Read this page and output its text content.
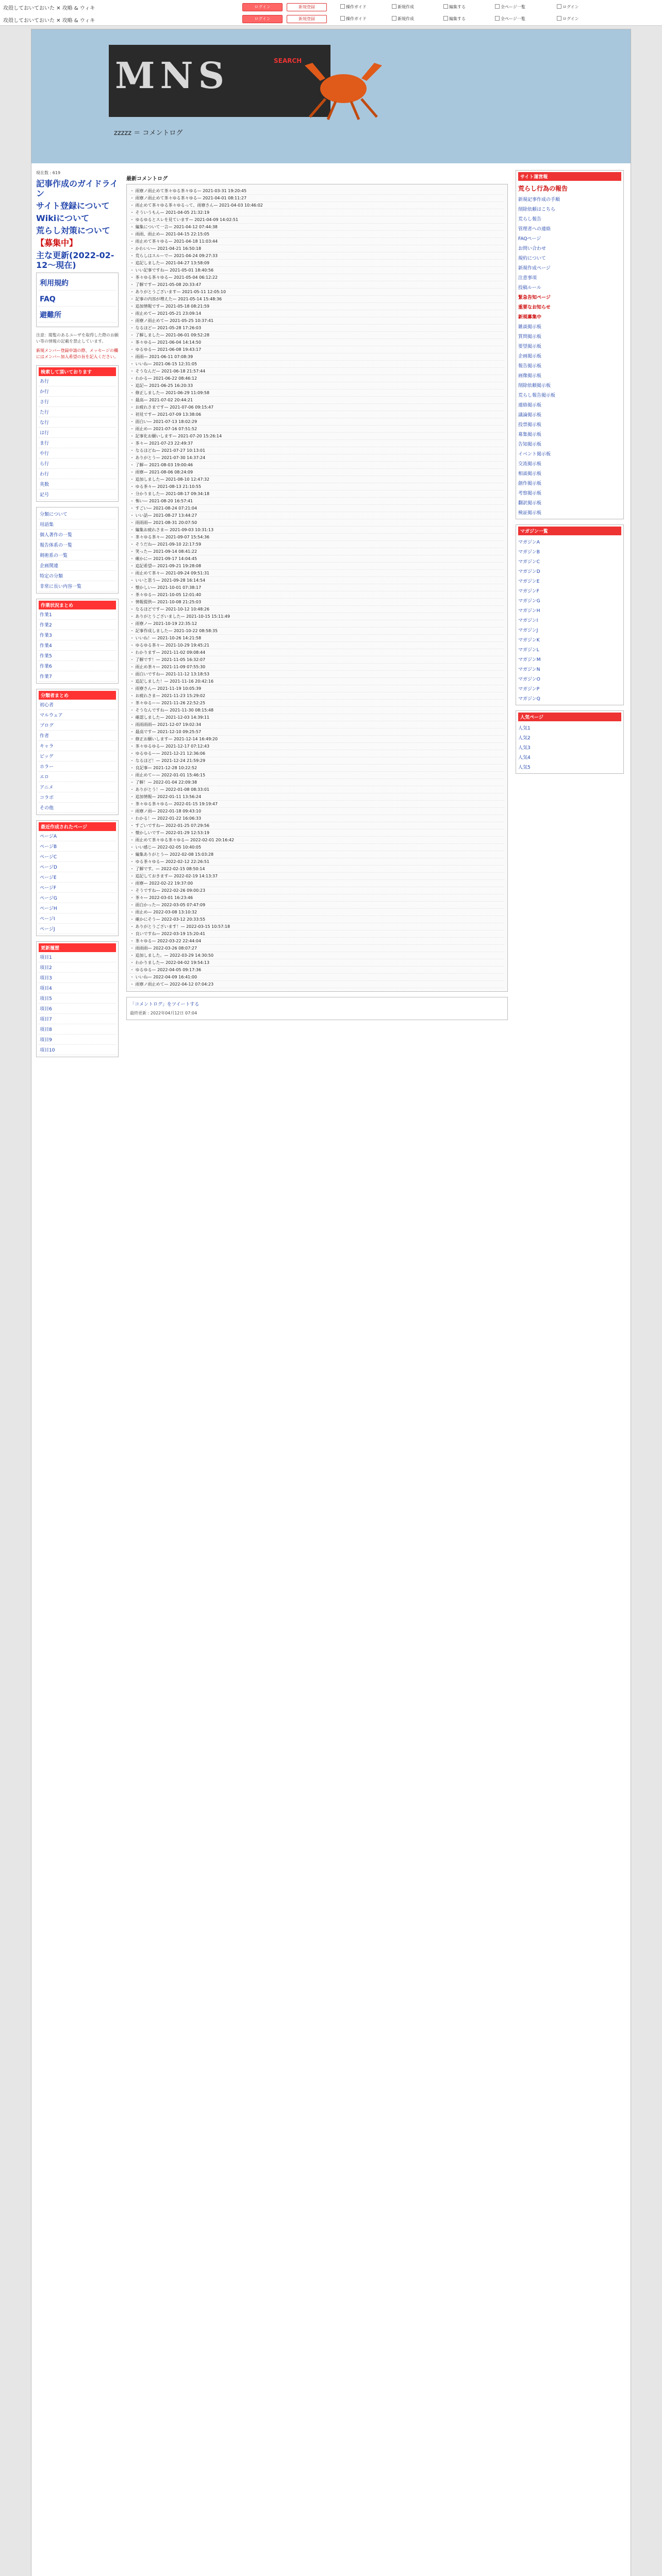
攻殻しておいておいた ✕ 攻略 & ウィキ
攻殻しておいておいた ✕ 攻略 & ウィキ
ログイン	新規登録
ログイン	新規登録
操作ガイド	新規作成	編集する	全ページ一覧	ログイン
操作ガイド	新規作成	編集する	全ページ一覧	ログイン
MNS	SEARCH
zzzzz ＝ コメントログ
現在数 : 619
記事作成のガイドライン
サイト登録について
Wikiについて
荒らし対策について
【募集中】
主な更新(2022-02-12～現在)
利用規約
FAQ
避難所
注意：閲覧のあるユーザを取得した際のお願い等の情報の記載を禁止しています。
新規メンバー登録申請の際、メッセージの欄にはメンバー加入希望の旨を記入ください。
検索して頂いております
あ行
か行
さ行
た行
な行
は行
ま行
や行
ら行
わ行
英数
記号
分類について
用語集
個人著作の一覧
報告体系の一覧
剣術系の一覧
企画関連
特定の分類
非常に長い内容一覧
作業状況まとめ
作業1
作業2
作業3
作業4
作業5
作業6
作業7
分類者まとめ
初心者
マルウェア
ブログ
作者
キャラ
ビッグ
ホラー
エロ
アニメ
コラボ
その他
最近作成されたページ
ページA
ページB
ページC
ページD
ページE
ページF
ページG
ページH
ページI
ページJ
更新履歴
項目1
項目2
項目3
項目4
項目5
項目6
項目7
項目8
項目9
項目10
最新コメントログ
・ 雨寮ノ雨止めて茶々ゆる茶々ゆる— 2021-03-31 19:20:45
・ 雨寮ノ雨止めて茶々ゆる茶々ゆる— 2021-04-01 08:11:27
・ 雨止めて茶々ゆる茶々ゆるって、雨寮さん— 2021-04-03 10:46:02
・ そういうもん— 2021-04-05 21:32:19
・ ゆるゆるとスレを見ています— 2021-04-09 14:02:51
・ 編集について一言— 2021-04-12 07:44:38
・ 雨雨、雨止め— 2021-04-15 22:15:05
・ 雨止めて茶々ゆる— 2021-04-18 11:03:44
・ かわいい— 2021-04-21 16:50:18
・ 荒らしはスルーで— 2021-04-24 09:27:33
・ 追記しました— 2021-04-27 13:58:09
・ いい記事ですね— 2021-05-01 18:40:56
・ 茶々ゆる茶々ゆる— 2021-05-04 06:12:22
・ 了解です— 2021-05-08 20:33:47
・ ありがとうございます— 2021-05-11 12:05:10
・ 記事の内容が増えた— 2021-05-14 15:48:36
・ 追加情報です— 2021-05-18 08:21:59
・ 雨止めて— 2021-05-21 23:09:14
・ 雨寮ノ雨止めて— 2021-05-25 10:37:41
・ なるほど— 2021-05-28 17:26:03
・ 了解しました— 2021-06-01 09:52:28
・ 茶々ゆる— 2021-06-04 14:14:50
・ ゆるゆる— 2021-06-08 19:43:17
・ 雨雨— 2021-06-11 07:08:39
・ いいね— 2021-06-15 12:31:05
・ そうなんだ— 2021-06-18 21:57:44
・ わかる— 2021-06-22 08:46:12
・ 追記— 2021-06-25 16:20:33
・ 修正しました— 2021-06-29 11:09:58
・ 最高— 2021-07-02 20:44:21
・ お疲れさまです— 2021-07-06 09:15:47
・ 初見です— 2021-07-09 13:38:06
・ 面白い— 2021-07-13 18:02:29
・ 雨止め— 2021-07-16 07:51:52
・ 記事化お願いします— 2021-07-20 15:26:14
・ 茶々— 2021-07-23 22:49:37
・ なるほどね— 2021-07-27 10:13:01
・ ありがとう— 2021-07-30 14:37:24
・ 了解— 2021-08-03 19:00:46
・ 雨寮— 2021-08-06 08:24:09
・ 追加しました— 2021-08-10 12:47:32
・ ゆる茶々— 2021-08-13 21:10:55
・ 分かりました— 2021-08-17 09:34:18
・ 怖い— 2021-08-20 16:57:41
・ すごい— 2021-08-24 07:21:04
・ いい話— 2021-08-27 13:44:27
・ 雨雨雨— 2021-08-31 20:07:50
・ 編集お疲れさま— 2021-09-03 10:31:13
・ 茶々ゆる茶々— 2021-09-07 15:54:36
・ そうだね— 2021-09-10 22:17:59
・ 笑った— 2021-09-14 08:41:22
・ 確かに— 2021-09-17 14:04:45
・ 追記希望— 2021-09-21 19:28:08
・ 雨止めて茶々— 2021-09-24 09:51:31
・ いいと思う— 2021-09-28 16:14:54
・ 懐かしい— 2021-10-01 07:38:17
・ 茶々ゆる— 2021-10-05 12:01:40
・ 情報提供— 2021-10-08 21:25:03
・ なるほどです— 2021-10-12 10:48:26
・ ありがとうございました— 2021-10-15 15:11:49
・ 雨寮ノ— 2021-10-19 22:35:12
・ 記事作成しました— 2021-10-22 08:58:35
・ いいね！— 2021-10-26 14:21:58
・ ゆるゆる茶々— 2021-10-29 19:45:21
・ わかります— 2021-11-02 09:08:44
・ 了解です！— 2021-11-05 16:32:07
・ 雨止め茶々— 2021-11-09 07:55:30
・ 面白いですね— 2021-11-12 13:18:53
・ 追記しました！— 2021-11-16 20:42:16
・ 雨寮さん— 2021-11-19 10:05:39
・ お疲れさま— 2021-11-23 15:29:02
・ 茶々ゆるー— 2021-11-26 22:52:25
・ そうなんですね— 2021-11-30 08:15:48
・ 確認しました— 2021-12-03 14:39:11
・ 雨雨雨雨— 2021-12-07 19:02:34
・ 最高です— 2021-12-10 09:25:57
・ 修正お願いします— 2021-12-14 16:49:20
・ 茶々ゆるゆる— 2021-12-17 07:12:43
・ ゆるゆるー— 2021-12-21 12:36:06
・ なるほど！— 2021-12-24 21:59:29
・ 良記事— 2021-12-28 10:22:52
・ 雨止めてー— 2022-01-01 15:46:15
・ 了解！— 2022-01-04 22:09:38
・ ありがとう！— 2022-01-08 08:33:01
・ 追加情報— 2022-01-11 13:56:24
・ 茶々ゆる茶々ゆる— 2022-01-15 19:19:47
・ 雨寮ノ雨— 2022-01-18 09:43:10
・ わかる！— 2022-01-22 16:06:33
・ すごいですね— 2022-01-25 07:29:56
・ 懐かしいです— 2022-01-29 12:53:19
・ 雨止めて茶々ゆる茶々ゆる— 2022-02-01 20:16:42
・ いい感じ— 2022-02-05 10:40:05
・ 編集ありがとう— 2022-02-08 15:03:28
・ ゆる茶々ゆる— 2022-02-12 22:26:51
・ 了解です。— 2022-02-15 08:50:14
・ 追記しておきます— 2022-02-19 14:13:37
・ 雨寮— 2022-02-22 19:37:00
・ そうですね— 2022-02-26 09:00:23
・ 茶々— 2022-03-01 16:23:46
・ 面白かった— 2022-03-05 07:47:09
・ 雨止め— 2022-03-08 13:10:32
・ 確かにそう— 2022-03-12 20:33:55
・ ありがとうございます！— 2022-03-15 10:57:18
・ 良いですね— 2022-03-19 15:20:41
・ 茶々ゆる— 2022-03-22 22:44:04
・ 雨雨雨— 2022-03-26 08:07:27
・ 追加しました。— 2022-03-29 14:30:50
・ わかりました— 2022-04-02 19:54:13
・ ゆるゆる— 2022-04-05 09:17:36
・ いいね— 2022-04-09 16:41:00
・ 雨寮ノ雨止めて— 2022-04-12 07:04:23
「コメントログ」をツイートする
最終更新 : 2022年04月12日 07:04
サイト運営報
荒らし行為の報告
新規記事作成の手順
削除依頼はこちら
荒らし報告
管理者への連絡
FAQページ
お問い合わせ
規約について
新規作成ページ
注意事項
投稿ルール
緊急告知ページ
重要なお知らせ
新規募集中
雑談掲示板
質問掲示板
要望掲示板
企画掲示板
報告掲示板
画像掲示板
削除依頼掲示板
荒らし報告掲示板
連絡掲示板
議論掲示板
投票掲示板
募集掲示板
告知掲示板
イベント掲示板
交流掲示板
相談掲示板
創作掲示板
考察掲示板
翻訳掲示板
検証掲示板
マガジン一覧
マガジンA
マガジンB
マガジンC
マガジンD
マガジンE
マガジンF
マガジンG
マガジンH
マガジンI
マガジンJ
マガジンK
マガジンL
マガジンM
マガジンN
マガジンO
マガジンP
マガジンQ
人気ページ
人気1
人気2
人気3
人気4
人気5
